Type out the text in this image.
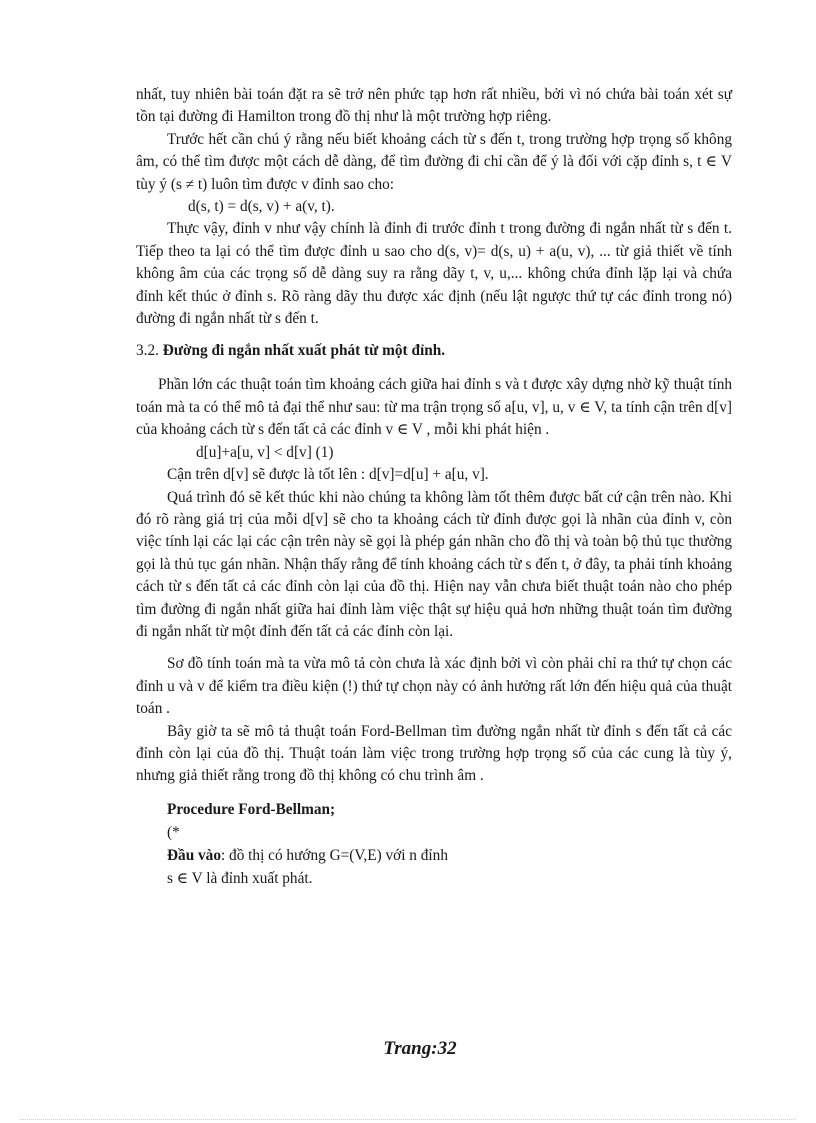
nhất, tuy nhiên bài toán đặt ra sẽ trở nên phức tạp hơn rất nhiều, bởi vì nó chứa bài toán xét sự tồn tại đường đi Hamilton trong đồ thị như là một trường hợp riêng.

Trước hết cần chú ý rằng nếu biết khoảng cách từ s đến t, trong trường hợp trọng số không âm, có thể tìm được một cách dễ dàng, để tìm đường đi chỉ cần để ý là đối với cặp đỉnh s, t ∈ V tùy ý (s ≠ t) luôn tìm được v đỉnh sao cho:

d(s, t) = d(s, v) + a(v, t).

Thực vậy, đỉnh v như vậy chính là đỉnh đi trước đỉnh t trong đường đi ngắn nhất từ s đến t. Tiếp theo ta lại có thể tìm được đỉnh u sao cho d(s, v)= d(s, u) + a(u, v), ... từ giả thiết về tính không âm của các trọng số dễ dàng suy ra rằng dãy t, v, u,... không chứa đỉnh lặp lại và chứa đỉnh kết thúc ở đỉnh s. Rõ ràng dãy thu được xác định (nếu lật ngược thứ tự các đỉnh trong nó) đường đi ngắn nhất từ s đến t.

3.2. Đường đi ngắn nhất xuất phát từ một đỉnh.

Phần lớn các thuật toán tìm khoảng cách giữa hai đỉnh s và t được xây dựng nhờ kỹ thuật tính toán mà ta có thể mô tả đại thể như sau: từ ma trận trọng số a[u, v], u, v ∈ V, ta tính cận trên d[v] của khoảng cách từ s đến tất cả các đỉnh v ∈ V , mỗi khi phát hiện .

d[u]+a[u, v] < d[v] (1)

Cận trên d[v] sẽ được là tốt lên : d[v]=d[u] + a[u, v].

Quá trình đó sẽ kết thúc khi nào chúng ta không làm tốt thêm được bất cứ cận trên nào. Khi đó rõ ràng giá trị của mỗi d[v] sẽ cho ta khoảng cách từ đỉnh được gọi là nhãn của đỉnh v, còn việc tính lại các lại các cận trên này sẽ gọi là phép gán nhãn cho đồ thị và toàn bộ thủ tục thường gọi là thủ tục gán nhãn. Nhận thấy rằng để tính khoảng cách từ s đến t, ở đây, ta phải tính khoảng cách từ s đến tất cả các đỉnh còn lại của đồ thị. Hiện nay vẫn chưa biết thuật toán nào cho phép tìm đường đi ngắn nhất giữa hai đỉnh làm việc thật sự hiệu quả hơn những thuật toán tìm đường đi ngắn nhất từ một đỉnh đến tất cả các đỉnh còn lại.

Sơ đồ tính toán mà ta vừa mô tả còn chưa là xác định bởi vì còn phải chỉ ra thứ tự chọn các đỉnh u và v để kiểm tra điều kiện (!) thứ tự chọn này có ảnh hưởng rất lớn đến hiệu quả của thuật toán .

Bây giờ ta sẽ mô tả thuật toán Ford-Bellman tìm đường ngắn nhất từ đỉnh s đến tất cả các đỉnh còn lại của đồ thị. Thuật toán làm việc trong trường hợp trọng số của các cung là tùy ý, nhưng giả thiết rằng trong đồ thị không có chu trình âm .

Procedure Ford-Bellman;

(*

Đầu vào: đồ thị có hướng G=(V,E) với n đỉnh

s ∈ V là đỉnh xuất phát.

Trang:32
